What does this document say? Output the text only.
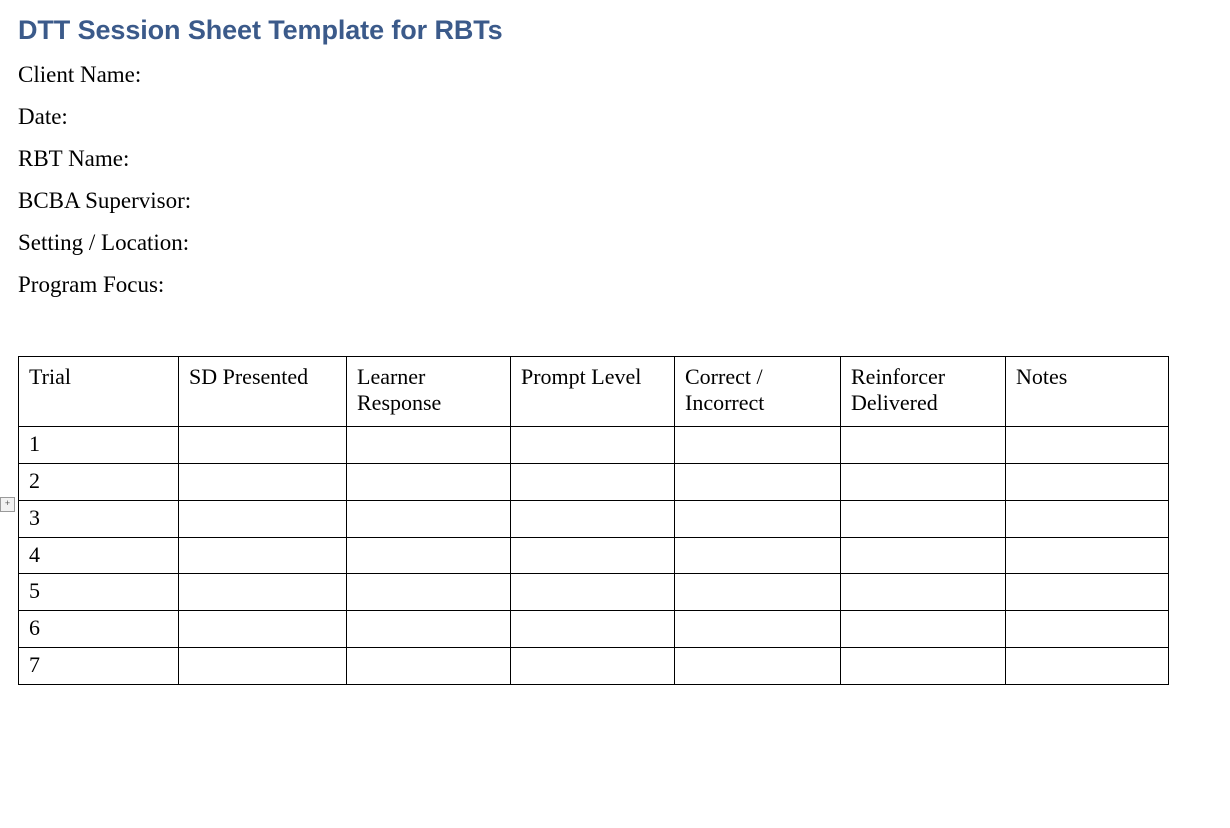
DTT Session Sheet Template for RBTs

Client Name:

Date:

RBT Name:

BCBA Supervisor:

Setting / Location:

Program Focus:

+
Trial	SD Presented	Learner Response	Prompt Level	Correct / Incorrect	Reinforcer Delivered	Notes
1						
2						
3						
4						
5						
6						
7						
